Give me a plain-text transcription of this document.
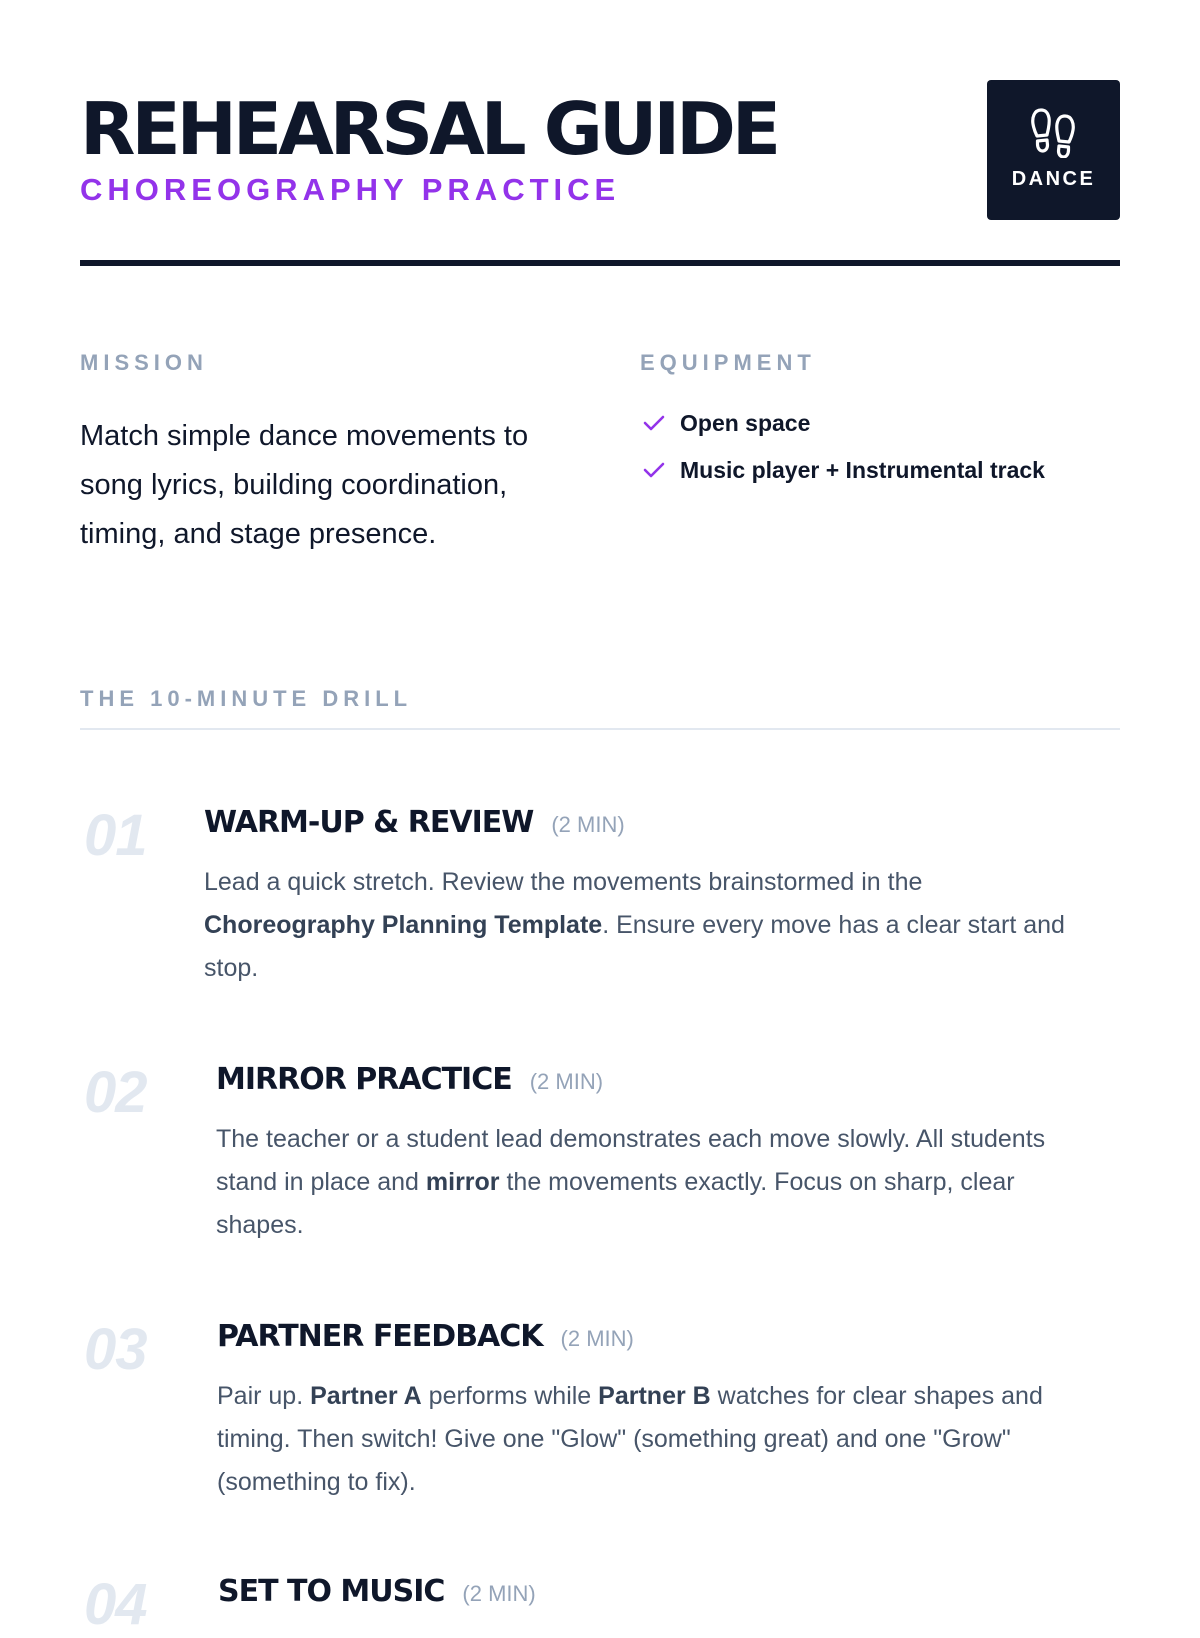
REHEARSAL GUIDE
CHOREOGRAPHY PRACTICE	DANCE
MISSION

Match simple dance movements to song lyrics, building coordination, timing, and stage presence.

EQUIPMENT
Open space
Music player + Instrumental track
THE 10-MINUTE DRILL
01 WARM-UP & REVIEW (2 MIN)

Lead a quick stretch. Review the movements brainstormed in the Choreography Planning Template. Ensure every move has a clear start and stop.

02 MIRROR PRACTICE (2 MIN)

The teacher or a student lead demonstrates each move slowly. All students stand in place and mirror the movements exactly. Focus on sharp, clear shapes.

03 PARTNER FEEDBACK (2 MIN)

Pair up. Partner A performs while Partner B watches for clear shapes and timing. Then switch! Give one "Glow" (something great) and one "Grow" (something to fix).

04 SET TO MUSIC (2 MIN)
